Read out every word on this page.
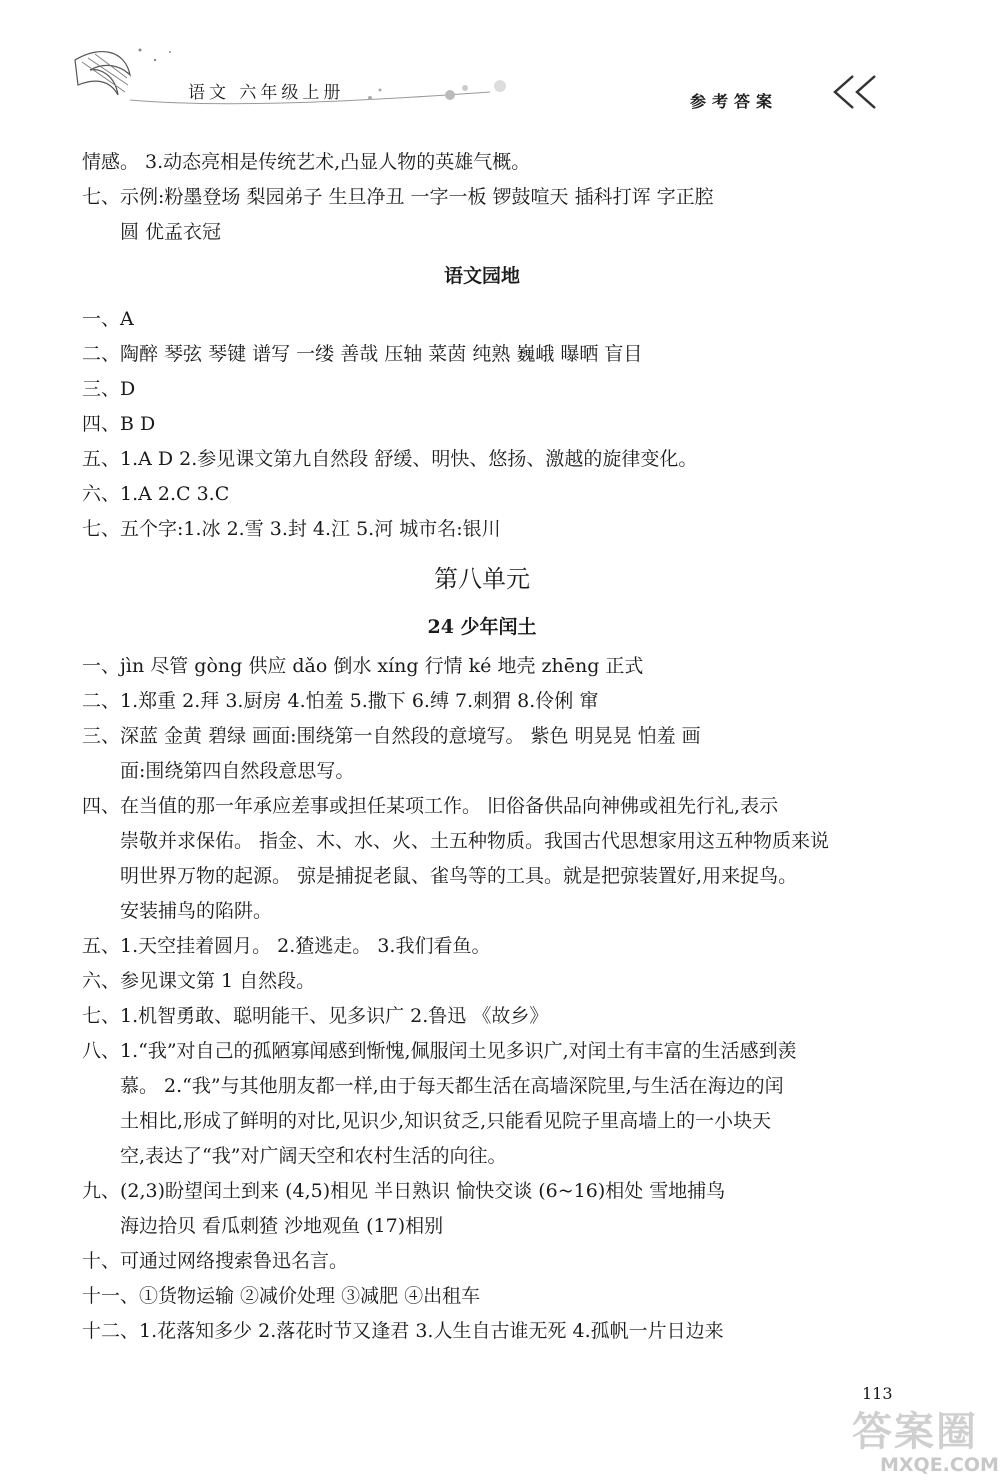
语文 六年级上册	参考答案
情感。 3.动态亮相是传统艺术,凸显人物的英雄气概。
七、示例:粉墨登场 梨园弟子 生旦净丑 一字一板 锣鼓喧天 插科打诨 字正腔
圆 优孟衣冠
语文园地
一、A
二、陶醉 琴弦 琴键 谱写 一缕 善哉 压轴 菜茵 纯熟 巍峨 曝晒 盲目
三、D
四、B D
五、1.A D 2.参见课文第九自然段 舒缓、明快、悠扬、激越的旋律变化。
六、1.A 2.C 3.C
七、五个字:1.冰 2.雪 3.封 4.江 5.河 城市名:银川
第八单元
24 少年闰土
一、jìn 尽管 gòng 供应 dǎo 倒水 xíng 行情 ké 地壳 zhēng 正式
二、1.郑重 2.拜 3.厨房 4.怕羞 5.撒下 6.缚 7.刺猬 8.伶俐 窜
三、深蓝 金黄 碧绿 画面:围绕第一自然段的意境写。 紫色 明晃晃 怕羞 画
面:围绕第四自然段意思写。
四、在当值的那一年承应差事或担任某项工作。 旧俗备供品向神佛或祖先行礼,表示
崇敬并求保佑。 指金、木、水、火、土五种物质。我国古代思想家用这五种物质来说
明世界万物的起源。 弶是捕捉老鼠、雀鸟等的工具。就是把弶装置好,用来捉鸟。
安装捕鸟的陷阱。
五、1.天空挂着圆月。 2.猹逃走。 3.我们看鱼。
六、参见课文第 1 自然段。
七、1.机智勇敢、聪明能干、见多识广 2.鲁迅 《故乡》
八、1.“我”对自己的孤陋寡闻感到惭愧,佩服闰土见多识广,对闰土有丰富的生活感到羡
慕。 2.“我”与其他朋友都一样,由于每天都生活在高墙深院里,与生活在海边的闰
土相比,形成了鲜明的对比,见识少,知识贫乏,只能看见院子里高墙上的一小块天
空,表达了“我”对广阔天空和农村生活的向往。
九、(2,3)盼望闰土到来 (4,5)相见 半日熟识 愉快交谈 (6~16)相处 雪地捕鸟
海边拾贝 看瓜刺猹 沙地观鱼 (17)相别
十、可通过网络搜索鲁迅名言。
十一、①货物运输 ②减价处理 ③减肥 ④出租车
十二、1.花落知多少 2.落花时节又逢君 3.人生自古谁无死 4.孤帆一片日边来
113
答案圈
MXQE.COM
